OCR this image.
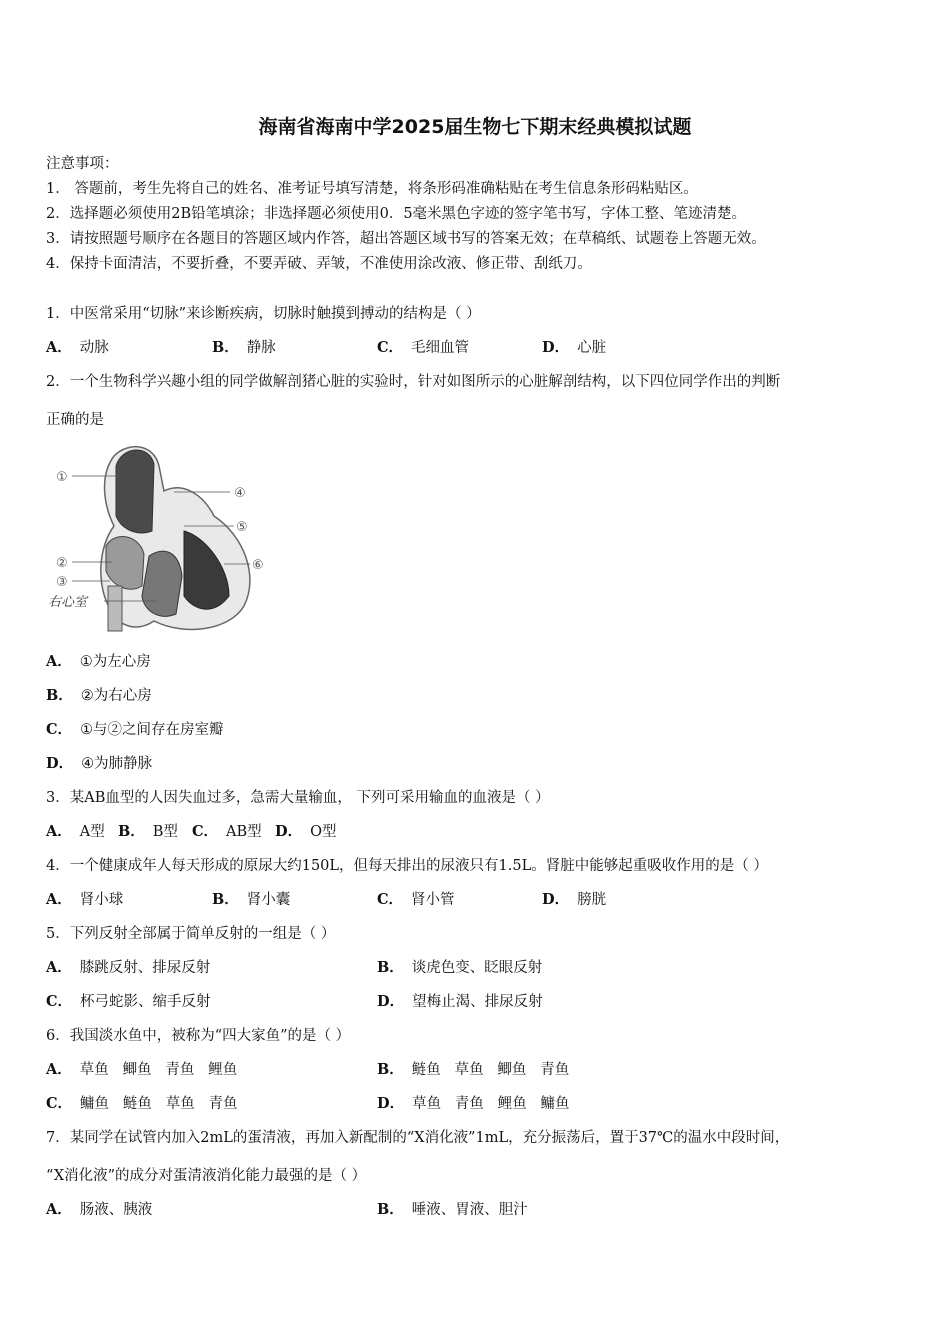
海南省海南中学2025届生物七下期末经典模拟试题
注意事项：
1． 答题前，考生先将自己的姓名、准考证号填写清楚，将条形码准确粘贴在考生信息条形码粘贴区。
2．选择题必须使用2B铅笔填涂；非选择题必须使用0．5毫米黑色字迹的签字笔书写，字体工整、笔迹清楚。
3．请按照题号顺序在各题目的答题区域内作答，超出答题区域书写的答案无效；在草稿纸、试题卷上答题无效。
4．保持卡面清洁，不要折叠，不要弄破、弄皱，不准使用涂改液、修正带、刮纸刀。
1．中医常采用“切脉”来诊断疾病，切脉时触摸到搏动的结构是（ ）
A． 动脉	B． 静脉	C． 毛细血管	D． 心脏
2．一个生物科学兴趣小组的同学做解剖猪心脏的实验时，针对如图所示的心脏解剖结构，以下四位同学作出的判断
正确的是
①
②
③
④
⑤
⑥
右心室
A． ①为左心房
B． ②为右心房
C． ①与②之间存在房室瓣
D． ④为肺静脉
3．某AB血型的人因失血过多，急需大量输血， 下列可采用输血的血液是（ ）
A． A型 B． B型 C． AB型 D． O型
4．一个健康成年人每天形成的原尿大约150L，但每天排出的尿液只有1.5L。肾脏中能够起重吸收作用的是（ ）
A． 肾小球	B． 肾小囊	C． 肾小管	D． 膀胱
5．下列反射全部属于简单反射的一组是（ ）
A． 膝跳反射、排尿反射	B． 谈虎色变、眨眼反射
C． 杯弓蛇影、缩手反射	D． 望梅止渴、排尿反射
6．我国淡水鱼中，被称为“四大家鱼”的是（ ）
A． 草鱼   鲫鱼   青鱼   鲤鱼	B． 鲢鱼   草鱼   鲫鱼   青鱼
C． 鳙鱼   鲢鱼   草鱼   青鱼	D． 草鱼   青鱼   鲤鱼   鳙鱼
7．某同学在试管内加入2mL的蛋清液，再加入新配制的“X消化液”1mL，充分振荡后，置于37℃的温水中段时间，
“X消化液”的成分对蛋清液消化能力最强的是（ ）
A． 肠液、胰液	B． 唾液、胃液、胆汁
